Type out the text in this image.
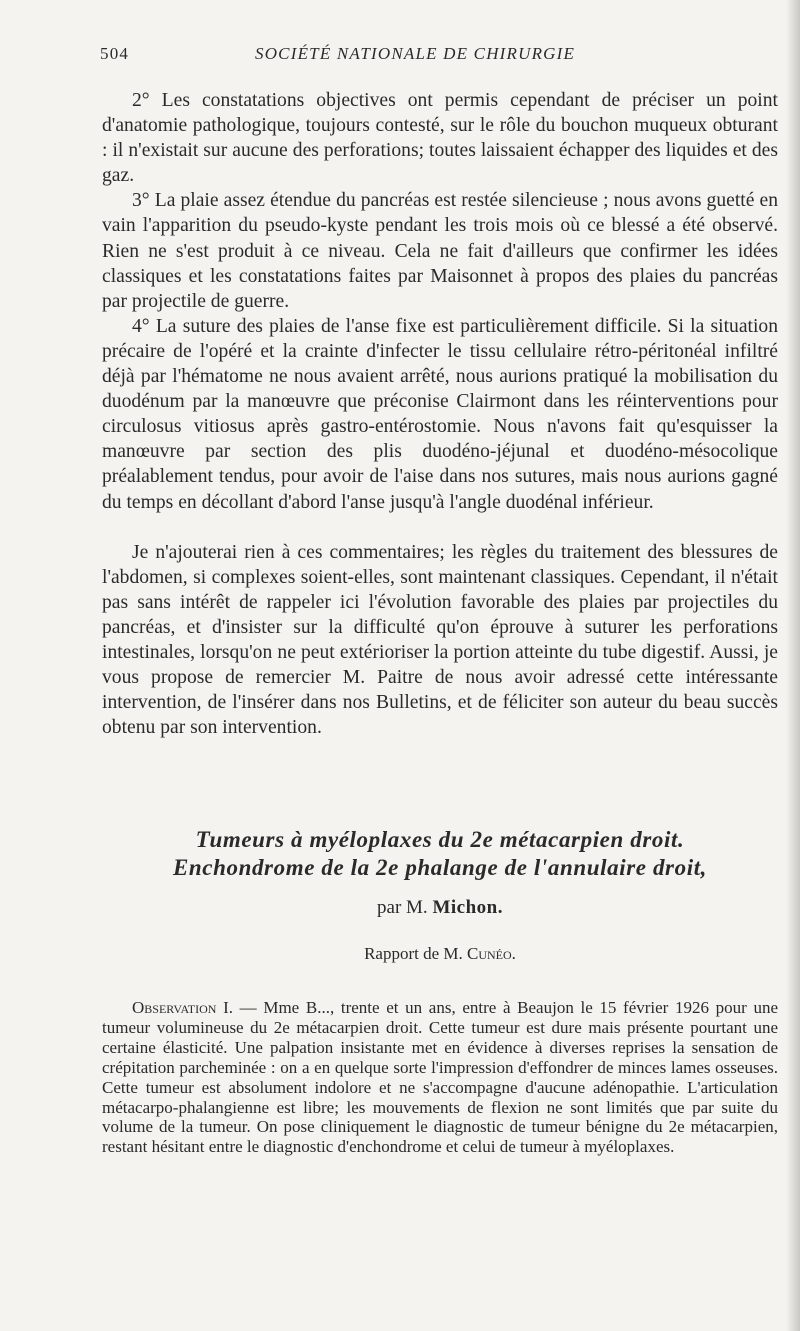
504	SOCIÉTÉ NATIONALE DE CHIRURGIE

2° Les constatations objectives ont permis cependant de préciser un point d'anatomie pathologique, toujours contesté, sur le rôle du bouchon muqueux obturant : il n'existait sur aucune des perforations; toutes laissaient échapper des liquides et des gaz.

3° La plaie assez étendue du pancréas est restée silencieuse ; nous avons guetté en vain l'apparition du pseudo-kyste pendant les trois mois où ce blessé a été observé. Rien ne s'est produit à ce niveau. Cela ne fait d'ailleurs que confirmer les idées classiques et les constatations faites par Maisonnet à propos des plaies du pancréas par projectile de guerre.

4° La suture des plaies de l'anse fixe est particulièrement difficile. Si la situation précaire de l'opéré et la crainte d'infecter le tissu cellulaire rétro-péritonéal infiltré déjà par l'hématome ne nous avaient arrêté, nous aurions pratiqué la mobilisation du duodénum par la manœuvre que préconise Clairmont dans les réinterventions pour circulosus vitiosus après gastro-entérostomie. Nous n'avons fait qu'esquisser la manœuvre par section des plis duodéno-jéjunal et duodéno-mésocolique préalablement tendus, pour avoir de l'aise dans nos sutures, mais nous aurions gagné du temps en décollant d'abord l'anse jusqu'à l'angle duodénal inférieur.

Je n'ajouterai rien à ces commentaires; les règles du traitement des blessures de l'abdomen, si complexes soient-elles, sont maintenant classiques. Cependant, il n'était pas sans intérêt de rappeler ici l'évolution favorable des plaies par projectiles du pancréas, et d'insister sur la difficulté qu'on éprouve à suturer les perforations intestinales, lorsqu'on ne peut extérioriser la portion atteinte du tube digestif. Aussi, je vous propose de remercier M. Paitre de nous avoir adressé cette intéressante intervention, de l'insérer dans nos Bulletins, et de féliciter son auteur du beau succès obtenu par son intervention.

Tumeurs à myéloplaxes du 2e métacarpien droit.
Enchondrome de la 2e phalange de l'annulaire droit,
par M. Michon.
Rapport de M. Cunéo.

Observation I. — Mme B..., trente et un ans, entre à Beaujon le 15 février 1926 pour une tumeur volumineuse du 2e métacarpien droit. Cette tumeur est dure mais présente pourtant une certaine élasticité. Une palpation insistante met en évidence à diverses reprises la sensation de crépitation parcheminée : on a en quelque sorte l'impression d'effondrer de minces lames osseuses. Cette tumeur est absolument indolore et ne s'accompagne d'aucune adénopathie. L'articulation métacarpo-phalangienne est libre; les mouvements de flexion ne sont limités que par suite du volume de la tumeur. On pose cliniquement le diagnostic de tumeur bénigne du 2e métacarpien, restant hésitant entre le diagnostic d'enchondrome et celui de tumeur à myéloplaxes.
